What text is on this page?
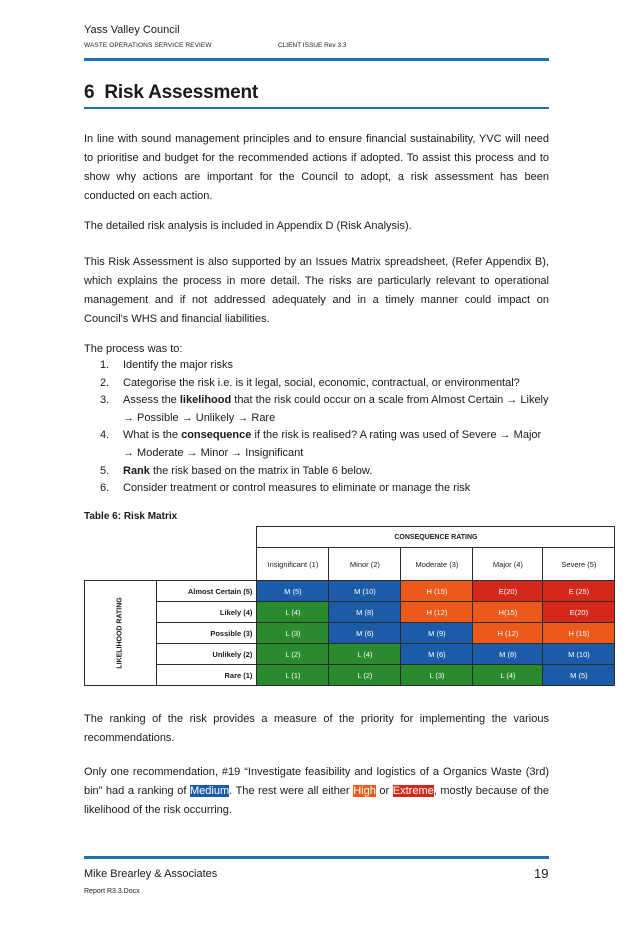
Yass Valley Council
WASTE OPERATIONS SERVICE REVIEW	CLIENT ISSUE Rev 3.3
6 Risk Assessment

In line with sound management principles and to ensure financial sustainability, YVC will need to prioritise and budget for the recommended actions if adopted. To assist this process and to show why actions are important for the Council to adopt, a risk assessment has been conducted on each action.

The detailed risk analysis is included in Appendix D (Risk Analysis).

This Risk Assessment is also supported by an Issues Matrix spreadsheet, (Refer Appendix B), which explains the process in more detail. The risks are particularly relevant to operational management and if not addressed adequately and in a timely manner could impact on Council's WHS and financial liabilities.

The process was to:

1.	Identify the major risks
2.	Categorise the risk i.e. is it legal, social, economic, contractual, or environmental?
3.	Assess the likelihood that the risk could occur on a scale from Almost Certain → Likely → Possible → Unlikely → Rare
4.	What is the consequence if the risk is realised? A rating was used of Severe → Major → Moderate → Minor → Insignificant
5.	Rank the risk based on the matrix in Table 6 below.
6.	Consider treatment or control measures to eliminate or manage the risk
Table 6: Risk Matrix
		CONSEQUENCE RATING				
		Insignificant (1)	Minor (2)	Moderate (3)	Major (4)	Severe (5)
LIKELIHOOD RATING	Almost Certain (5)	M (5)	M (10)	H (15)	E(20)	E (25)
	Likely (4)	L (4)	M (8)	H (12)	H(15)	E(20)
	Possible (3)	L (3)	M (6)	M (9)	H (12)	H (15)
	Unlikely (2)	L (2)	L (4)	M (6)	M (8)	M (10)
	Rare (1)	L (1)	L (2)	L (3)	L (4)	M (5)

The ranking of the risk provides a measure of the priority for implementing the various recommendations.

Only one recommendation, #19 “Investigate feasibility and logistics of a Organics Waste (3rd) bin” had a ranking of Medium. The rest were all either High or Extreme, mostly because of the likelihood of the risk occurring.

Mike Brearley & Associates
Report R3.3.Docx
19
